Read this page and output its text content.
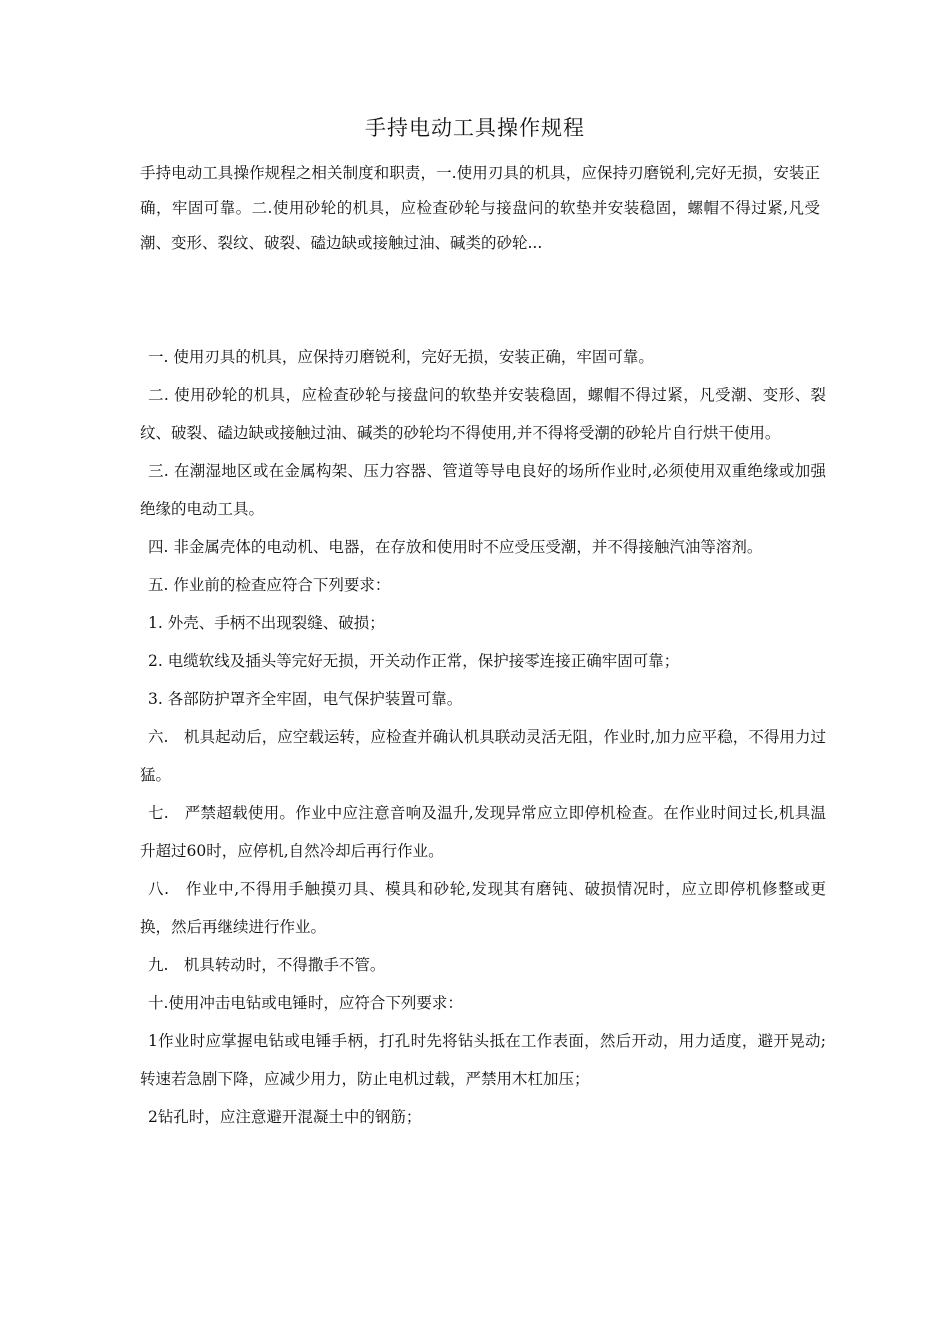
手持电动工具操作规程
手持电动工具操作规程之相关制度和职责，一.使用刃具的机具，应保持刃磨锐利,完好无损，安装正确，牢固可靠。二.使用砂轮的机具，应检查砂轮与接盘问的软垫并安装稳固，螺帽不得过紧,凡受潮、变形、裂纹、破裂、磕边缺或接触过油、碱类的砂轮...

一. 使用刃具的机具，应保持刃磨锐利，完好无损，安装正确，牢固可靠。

二. 使用砂轮的机具，应检查砂轮与接盘问的软垫并安装稳固，螺帽不得过紧，凡受潮、变形、裂纹、破裂、磕边缺或接触过油、碱类的砂轮均不得使用,并不得将受潮的砂轮片自行烘干使用。

三. 在潮湿地区或在金属构架、压力容器、管道等导电良好的场所作业时,必须使用双重绝缘或加强绝缘的电动工具。

四. 非金属壳体的电动机、电器，在存放和使用时不应受压受潮，并不得接触汽油等溶剂。

五. 作业前的检查应符合下列要求：

1. 外壳、手柄不出现裂缝、破损；

2. 电缆软线及插头等完好无损，开关动作正常，保护接零连接正确牢固可靠；

3. 各部防护罩齐全牢固，电气保护装置可靠。

六.　机具起动后，应空载运转，应检查并确认机具联动灵活无阻，作业时,加力应平稳，不得用力过猛。

七.　严禁超载使用。作业中应注意音响及温升,发现异常应立即停机检查。在作业时间过长,机具温升超过60时，应停机,自然冷却后再行作业。

八.　作业中,不得用手触摸刃具、模具和砂轮,发现其有磨钝、破损情况时，应立即停机修整或更换，然后再继续进行作业。

九.　机具转动时，不得撒手不管。

十.使用冲击电钻或电锤时，应符合下列要求：

1作业时应掌握电钻或电锤手柄，打孔时先将钻头抵在工作表面，然后开动，用力适度，避开晃动;转速若急剧下降，应减少用力，防止电机过载，严禁用木杠加压；

2钻孔时，应注意避开混凝土中的钢筋；
